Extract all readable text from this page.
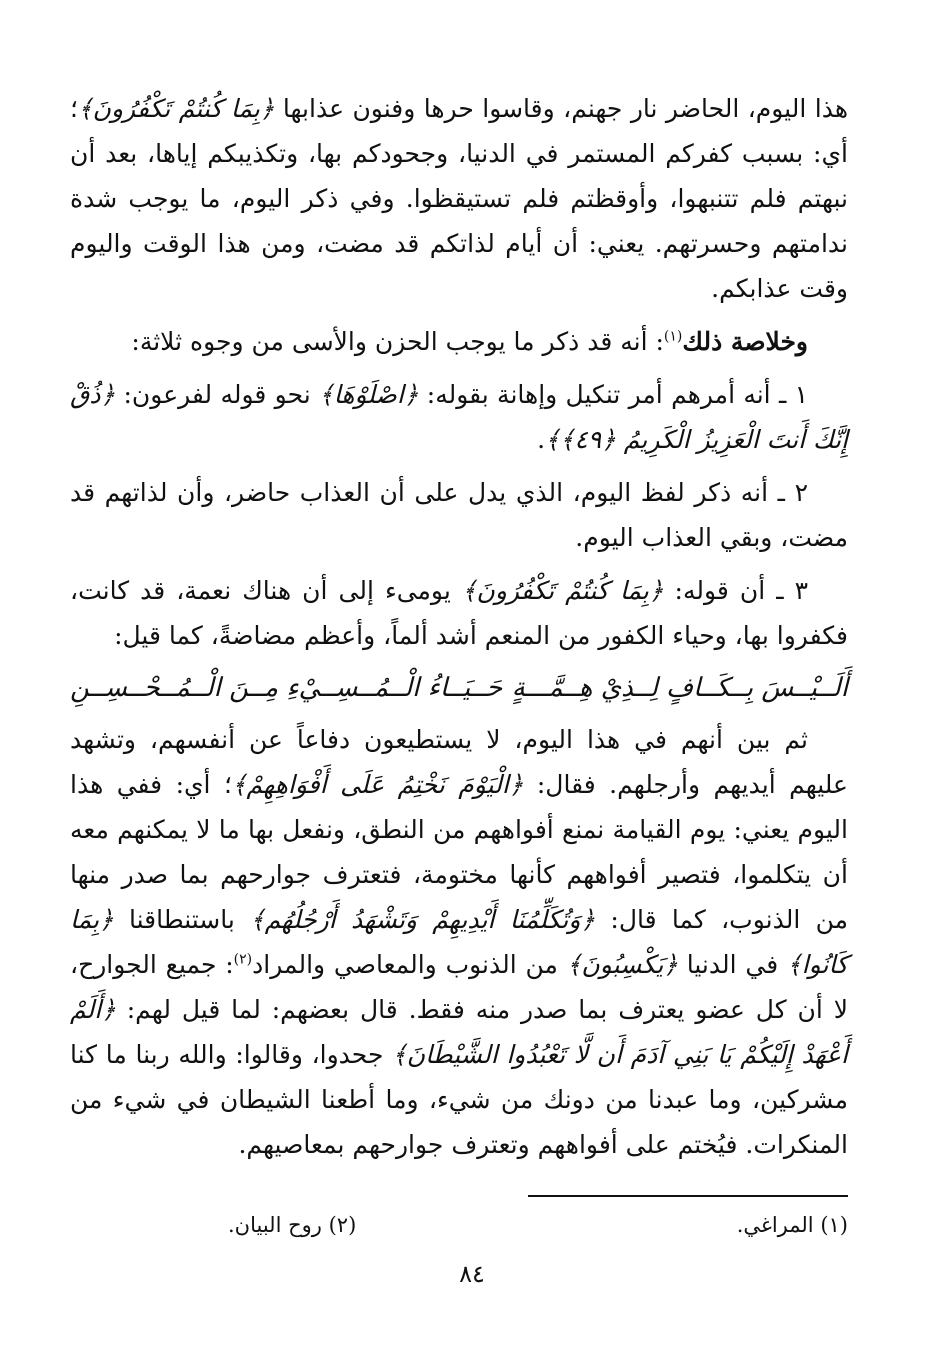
هذا اليوم، الحاضر نار جهنم، وقاسوا حرها وفنون عذابها ﴿بِمَا كُنتُمْ تَكْفُرُونَ﴾؛ أي: بسبب كفركم المستمر في الدنيا، وجحودكم بها، وتكذيبكم إياها، بعد أن نبهتم فلم تتنبهوا، وأوقظتم فلم تستيقظوا. وفي ذكر اليوم، ما يوجب شدة ندامتهم وحسرتهم. يعني: أن أيام لذاتكم قد مضت، ومن هذا الوقت واليوم وقت عذابكم.

وخلاصة ذلك$^{(١)}$: أنه قد ذكر ما يوجب الحزن والأسى من وجوه ثلاثة:

١ ـ أنه أمرهم أمر تنكيل وإهانة بقوله: ﴿اصْلَوْهَا﴾ نحو قوله لفرعون: ﴿ذُقْ إِنَّكَ أَنتَ الْعَزِيزُ الْكَرِيمُ ﴿٤٩﴾﴾.

٢ ـ أنه ذكر لفظ اليوم، الذي يدل على أن العذاب حاضر، وأن لذاتهم قد مضت، وبقي العذاب اليوم.

٣ ـ أن قوله: ﴿بِمَا كُنتُمْ تَكْفُرُونَ﴾ يومىء إلى أن هناك نعمة، قد كانت، فكفروا بها، وحياء الكفور من المنعم أشد ألماً، وأعظم مضاضةً، كما قيل:

أَلَــيْــسَ بِــكَــافٍ لِــذِيْ هِــمَّـــةٍ
حَــيَــاءُ الْــمُــسِــيْءِ مِــنَ الْــمُــحْــسِــنِ

ثم بين أنهم في هذا اليوم، لا يستطيعون دفاعاً عن أنفسهم، وتشهد عليهم أيديهم وأرجلهم. فقال: ﴿الْيَوْمَ نَخْتِمُ عَلَى أَفْوَاهِهِمْ﴾؛ أي: ففي هذا اليوم يعني: يوم القيامة نمنع أفواههم من النطق، ونفعل بها ما لا يمكنهم معه أن يتكلموا، فتصير أفواههم كأنها مختومة، فتعترف جوارحهم بما صدر منها من الذنوب، كما قال: ﴿وَتُكَلِّمُنَا أَيْدِيهِمْ وَتَشْهَدُ أَرْجُلُهُم﴾ باستنطاقنا ﴿بِمَا كَانُوا﴾ في الدنيا ﴿يَكْسِبُونَ﴾ من الذنوب والمعاصي والمراد$^{(٢)}$: جميع الجوارح، لا أن كل عضو يعترف بما صدر منه فقط. قال بعضهم: لما قيل لهم: ﴿أَلَمْ أَعْهَدْ إِلَيْكُمْ يَا بَنِي آدَمَ أَن لَّا تَعْبُدُوا الشَّيْطَانَ﴾ جحدوا، وقالوا: والله ربنا ما كنا مشركين، وما عبدنا من دونك من شيء، وما أطعنا الشيطان في شيء من المنكرات. فيُختم على أفواههم وتعترف جوارحهم بمعاصيهم.

(١) المراغي.
(٢) روح البيان.
٨٤
